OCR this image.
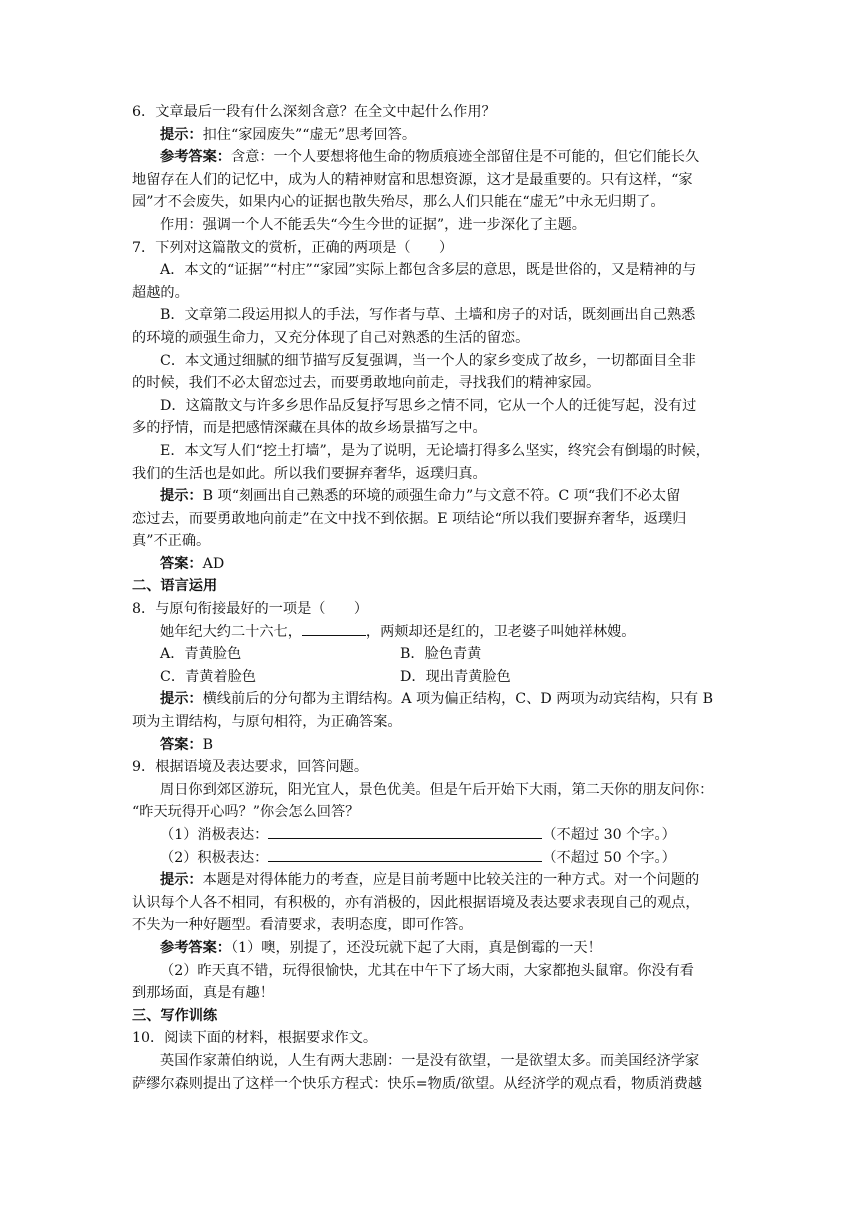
6．文章最后一段有什么深刻含意？在全文中起什么作用？
提示：扣住“家园废失”“虚无”思考回答。
参考答案：含意：一个人要想将他生命的物质痕迹全部留住是不可能的，但它们能长久
地留存在人们的记忆中，成为人的精神财富和思想资源，这才是最重要的。只有这样，“家
园”才不会废失，如果内心的证据也散失殆尽，那么人们只能在“虚无”中永无归期了。
作用：强调一个人不能丢失“今生今世的证据”，进一步深化了主题。
7．下列对这篇散文的赏析，正确的两项是（　　）
A．本文的“证据”“村庄”“家园”实际上都包含多层的意思，既是世俗的，又是精神的与
超越的。
B．文章第二段运用拟人的手法，写作者与草、土墙和房子的对话，既刻画出自己熟悉
的环境的顽强生命力，又充分体现了自己对熟悉的生活的留恋。
C．本文通过细腻的细节描写反复强调，当一个人的家乡变成了故乡，一切都面目全非
的时候，我们不必太留恋过去，而要勇敢地向前走，寻找我们的精神家园。
D．这篇散文与许多乡思作品反复抒写思乡之情不同，它从一个人的迁徙写起，没有过
多的抒情，而是把感情深藏在具体的故乡场景描写之中。
E．本文写人们“挖土打墙”，是为了说明，无论墙打得多么坚实，终究会有倒塌的时候，
我们的生活也是如此。所以我们要摒弃奢华，返璞归真。
提示：B 项“刻画出自己熟悉的环境的顽强生命力”与文意不符。C 项“我们不必太留
恋过去，而要勇敢地向前走”在文中找不到依据。E 项结论“所以我们要摒弃奢华，返璞归
真”不正确。
答案：AD
二、语言运用
8．与原句衔接最好的一项是（　　）
她年纪大约二十六七，	，两颊却还是红的，卫老婆子叫她祥林嫂。
A．青黄脸色	B．脸色青黄
C．青黄着脸色	D．现出青黄脸色
提示：横线前后的分句都为主谓结构。A 项为偏正结构，C、D 两项为动宾结构，只有 B
项为主谓结构，与原句相符，为正确答案。
答案：B
9．根据语境及表达要求，回答问题。
周日你到郊区游玩，阳光宜人，景色优美。但是午后开始下大雨，第二天你的朋友问你：
“昨天玩得开心吗？”你会怎么回答？
（1）消极表达：	（不超过 30 个字。）
（2）积极表达：	（不超过 50 个字。）
提示：本题是对得体能力的考查，应是目前考题中比较关注的一种方式。对一个问题的
认识每个人各不相同，有积极的，亦有消极的，因此根据语境及表达要求表现自己的观点，
不失为一种好题型。看清要求，表明态度，即可作答。
参考答案：（1）噢，别提了，还没玩就下起了大雨，真是倒霉的一天！
（2）昨天真不错，玩得很愉快，尤其在中午下了场大雨，大家都抱头鼠窜。你没有看
到那场面，真是有趣！
三、写作训练
10．阅读下面的材料，根据要求作文。
英国作家萧伯纳说，人生有两大悲剧：一是没有欲望，一是欲望太多。而美国经济学家
萨缪尔森则提出了这样一个快乐方程式：快乐=物质/欲望。从经济学的观点看，物质消费越
